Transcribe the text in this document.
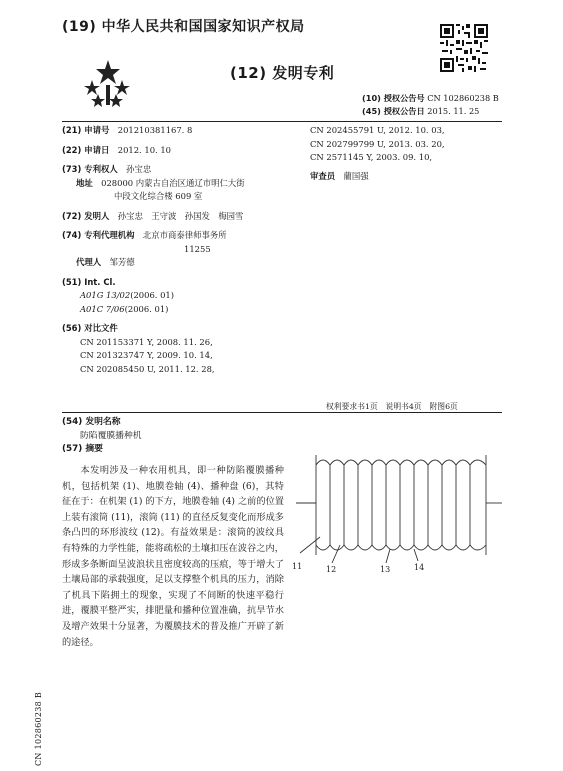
(19) 中华人民共和国国家知识产权局
(12) 发明专利
(10) 授权公告号 CN 102860238 B
(45) 授权公告日 2015. 11. 25
(21) 申请号　 201210381167. 8
(22) 申请日　 2012. 10. 10
(73) 专利权人　 孙宝忠
地址　 028000 内蒙古自治区通辽市明仁大街
中段文化综合楼 609 室
(72) 发明人　 孙宝忠　王守波　孙国发　梅园雪
(74) 专利代理机构　 北京市商泰律师事务所
11255
代理人　 邹芳德
(51) Int. Cl.
A01G 13/02(2006. 01)
A01C 7/06(2006. 01)
(56) 对比文件
CN 201153371 Y, 2008. 11. 26,
CN 201323747 Y, 2009. 10. 14,
CN 202085450 U, 2011. 12. 28,
CN 202455791 U, 2012. 10. 03,
CN 202799799 U, 2013. 03. 20,
CN 2571145 Y, 2003. 09. 10,
审查员　 藺国强
权利要求书1页　说明书4页　附图6页
(54) 发明名称
防陷覆膜播种机
(57) 摘要

本发明涉及一种农用机具，即一种防陷覆膜播种机，包括机架 (1)、地膜卷轴 (4)、播种盘 (6)，其特征在于：在机架 (1) 的下方，地膜卷轴 (4) 之前的位置上装有滚筒 (11)，滚筒 (11) 的直径反复变化而形成多条凸凹的环形波纹 (12)。有益效果是：滚筒的波纹具有特殊的力学性能，能将疏松的土壤扣压在波谷之内，形成多条断面呈波浪状且密度较高的压痕，等于增大了土壤局部的承载强度，足以支撑整个机具的压力，消除了机具下陷拥土的现象，实现了不间断的快速平稳行进，覆膜平整严实，排肥量和播种位置准确，抗旱节水及增产效果十分显著，为覆膜技术的普及推广开辟了新的途径。

11	12	13	14
CN 102860238 B
